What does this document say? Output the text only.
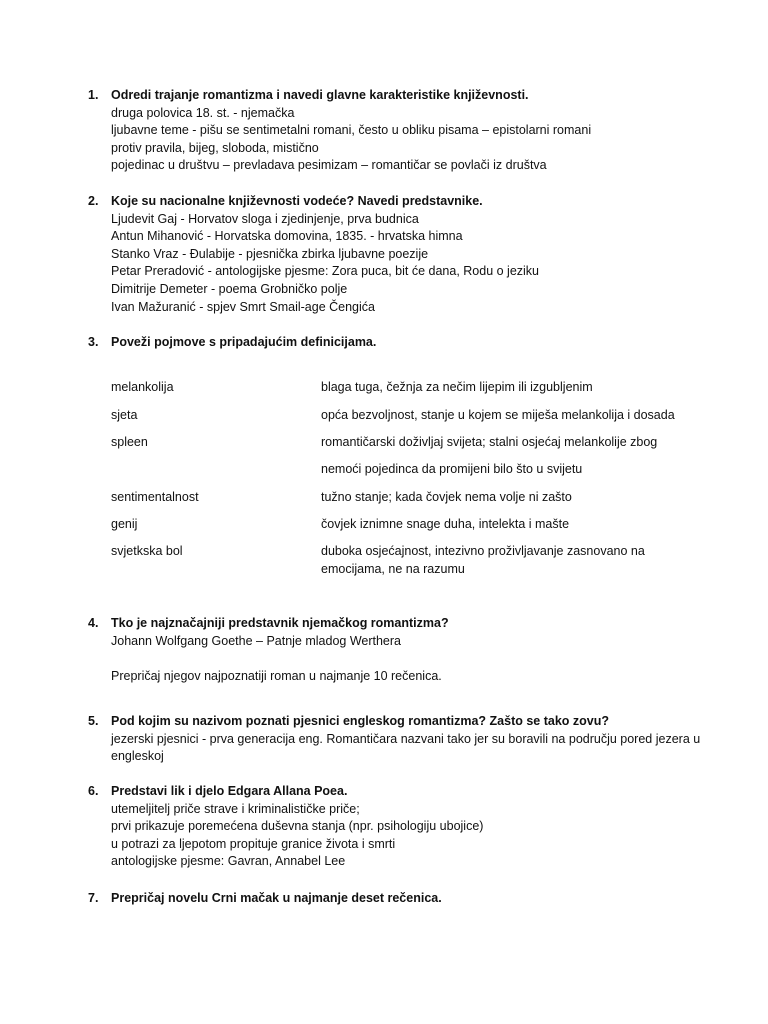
1.	Odredi trajanje romantizma i navedi glavne karakteristike književnosti.
druga polovica 18. st. - njemačka
ljubavne teme - pišu se sentimetalni romani, često u obliku pisama – epistolarni romani
protiv pravila, bijeg, sloboda, mistično
pojedinac u društvu – prevladava pesimizam – romantičar se povlači iz društva
2.	Koje su nacionalne književnosti vodeće? Navedi predstavnike.
Ljudevit Gaj - Horvatov sloga i zjedinjenje, prva budnica
Antun Mihanović - Horvatska domovina, 1835. - hrvatska himna
Stanko Vraz - Đulabije - pjesnička zbirka ljubavne poezije
Petar Preradović - antologijske pjesme: Zora puca, bit će dana, Rodu o jeziku
Dimitrije Demeter - poema Grobničko polje
Ivan Mažuranić - spjev Smrt Smail-age Čengića
3.	Poveži pojmove s pripadajućim definicijama.
melankolija	blaga tuga, čežnja za nečim lijepim ili izgubljenim
sjeta	opća bezvoljnost, stanje u kojem se miješa melankolija i dosada
spleen	romantičarski doživljaj svijeta; stalni osjećaj melankolije zbog
nemoći pojedinca da promijeni bilo što u svijetu
sentimentalnost	tužno stanje; kada čovjek nema volje ni zašto
genij	čovjek iznimne snage duha, intelekta i mašte
svjetkska bol	duboka osjećajnost, intezivno proživljavanje zasnovano na emocijama, ne na razumu
4.	Tko je najznačajniji predstavnik njemačkog romantizma?
Johann Wolfgang Goethe – Patnje mladog Werthera
Prepričaj njegov najpoznatiji roman u najmanje 10 rečenica.
5.	Pod kojim su nazivom poznati pjesnici engleskog romantizma? Zašto se tako zovu?
jezerski pjesnici - prva generacija eng. Romantičara nazvani tako jer su boravili na području pored jezera u engleskoj
6.	Predstavi lik i djelo Edgara Allana Poea.
utemeljitelj priče strave i kriminalističke priče;
prvi prikazuje poremećena duševna stanja (npr. psihologiju ubojice)
u potrazi za ljepotom propituje granice života i smrti
antologijske pjesme: Gavran, Annabel Lee
7.	Prepričaj novelu Crni mačak u najmanje deset rečenica.
